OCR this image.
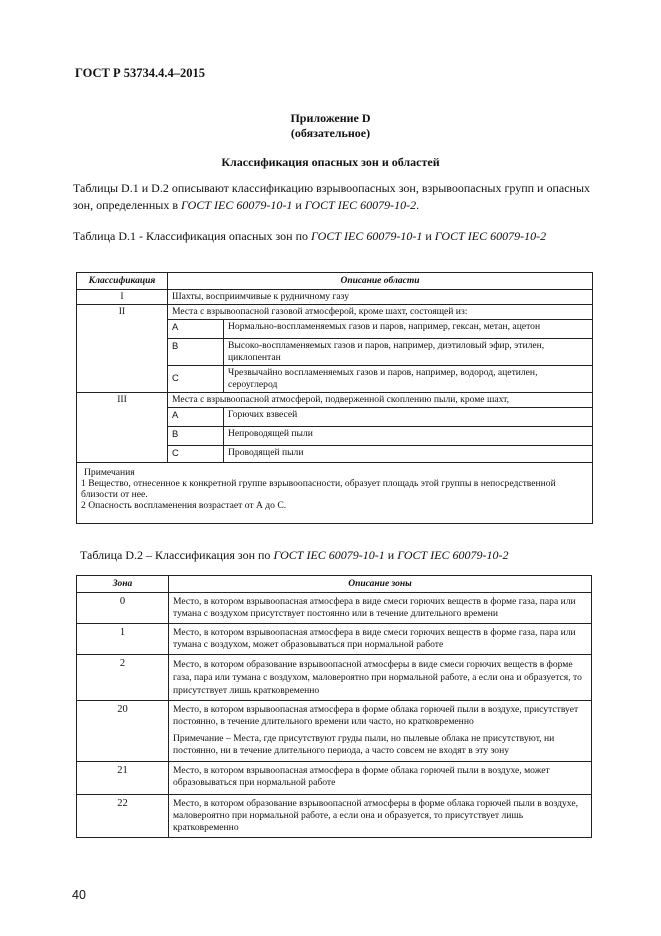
ГОСТ Р 53734.4.4–2015
Приложение D
(обязательное)
Классификация опасных зон и областей
Таблицы D.1 и D.2 описывают классификацию взрывоопасных зон, взрывоопасных групп и опасных зон, определенных в ГОСТ IEC 60079-10-1 и ГОСТ IEC 60079-10-2.
Таблица D.1 - Классификация опасных зон по ГОСТ IEC 60079-10-1 и ГОСТ IEC 60079-10-2
Классификация	Описание области	
I	Шахты, восприимчивые к рудничному газу	
II	Места с взрывоопасной газовой атмосферой, кроме шахт, состоящей из:	
	A	Нормально-воспламеняемых газов и паров, например, гексан, метан, ацетон
	B	Высоко-воспламеняемых газов и паров, например, диэтиловый эфир, этилен, циклопентан
	C	Чрезвычайно воспламеняемых газов и паров, например, водород, ацетилен, сероуглерод
III	Места с взрывоопасной атмосферой, подверженной скоплению пыли, кроме шахт,	
	A	Горючих взвесей
	B	Непроводящей пыли
	C	Проводящей пыли

Примечания
1 Вещество, отнесенное к конкретной группе взрывоопасности, образует площадь этой группы в непосредственной близости от нее.
2 Опасность воспламенения возрастает от А до С.		
Таблица D.2 – Классификация зон по ГОСТ IEC 60079-10-1 и ГОСТ IEC 60079-10-2
Зона	Описание зоны
0	Место, в котором взрывоопасная атмосфера в виде смеси горючих веществ в форме газа, пара или тумана с воздухом присутствует постоянно или в течение длительного времени
1	Место, в котором взрывоопасная атмосфера в виде смеси горючих веществ в форме газа, пара или тумана с воздухом, может образовываться при нормальной работе
2	Место, в котором образование взрывоопасной атмосферы в виде смеси горючих веществ в форме газа, пара или тумана с воздухом, маловероятно при нормальной работе, а если она и образуется, то присутствует лишь кратковременно
20	Место, в котором взрывоопасная атмосфера в форме облака горючей пыли в воздухе, присутствует постоянно, в течение длительного времени или часто, но кратковременно
Примечание – Места, где присутствуют груды пыли, но пылевые облака не присутствуют, ни постоянно, ни в течение длительного периода, а часто совсем не входят в эту зону

21	Место, в котором взрывоопасная атмосфера в форме облака горючей пыли в воздухе, может образовываться при нормальной работе
22	Место, в котором образование взрывоопасной атмосферы в форме облака горючей пыли в воздухе, маловероятно при нормальной работе, а если она и образуется, то присутствует лишь кратковременно
40
